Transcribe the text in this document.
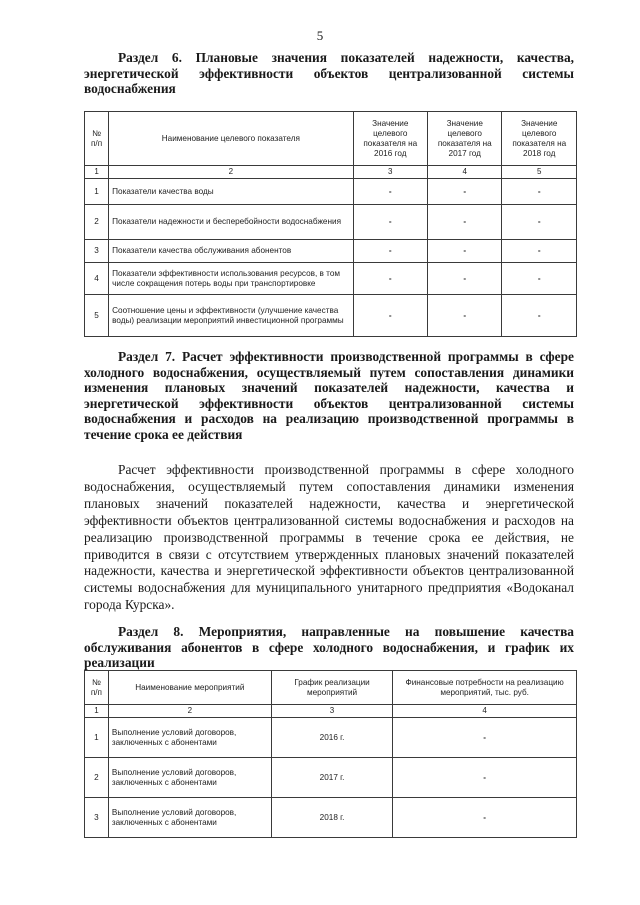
5

Раздел 6. Плановые значения показателей надежности, качества, энергетической эффективности объектов централизованной системы водоснабжения

№ п/п	Наименование целевого показателя	Значение целевого показателя на 2016 год	Значение целевого показателя на 2017 год	Значение целевого показателя на 2018 год
1	2	3	4	5
1	Показатели качества воды	-	-	-
2	Показатели надежности и бесперебойности водоснабжения	-	-	-
3	Показатели качества обслуживания абонентов	-	-	-
4	Показатели эффективности использования ресурсов, в том числе сокращения потерь воды при транспортировке	-	-	-
5	Соотношение цены и эффективности (улучшение качества воды) реализации мероприятий инвестиционной программы	-	-	-

Раздел 7. Расчет эффективности производственной программы в сфере холодного водоснабжения, осуществляемый путем сопоставления динамики изменения плановых значений показателей надежности, качества и энергетической эффективности объектов централизованной системы водоснабжения и расходов на реализацию производственной программы в течение срока ее действия

Расчет эффективности производственной программы в сфере холодного водоснабжения, осуществляемый путем сопоставления динамики изменения плановых значений показателей надежности, качества и энергетической эффективности объектов централизованной системы водоснабжения и расходов на реализацию производственной программы в течение срока ее действия, не приводится в связи с отсутствием утвержденных плановых значений показателей надежности, качества и энергетической эффективности объектов централизованной системы водоснабжения для муниципального унитарного предприятия «Водоканал города Курска».

Раздел 8. Мероприятия, направленные на повышение качества обслуживания абонентов в сфере холодного водоснабжения, и график их реализации

№ п/п	Наименование мероприятий	График реализации мероприятий	Финансовые потребности на реализацию мероприятий, тыс. руб.
1	2	3	4
1	Выполнение условий договоров, заключенных с абонентами	2016 г.	-
2	Выполнение условий договоров, заключенных с абонентами	2017 г.	-
3	Выполнение условий договоров, заключенных с абонентами	2018 г.	-
